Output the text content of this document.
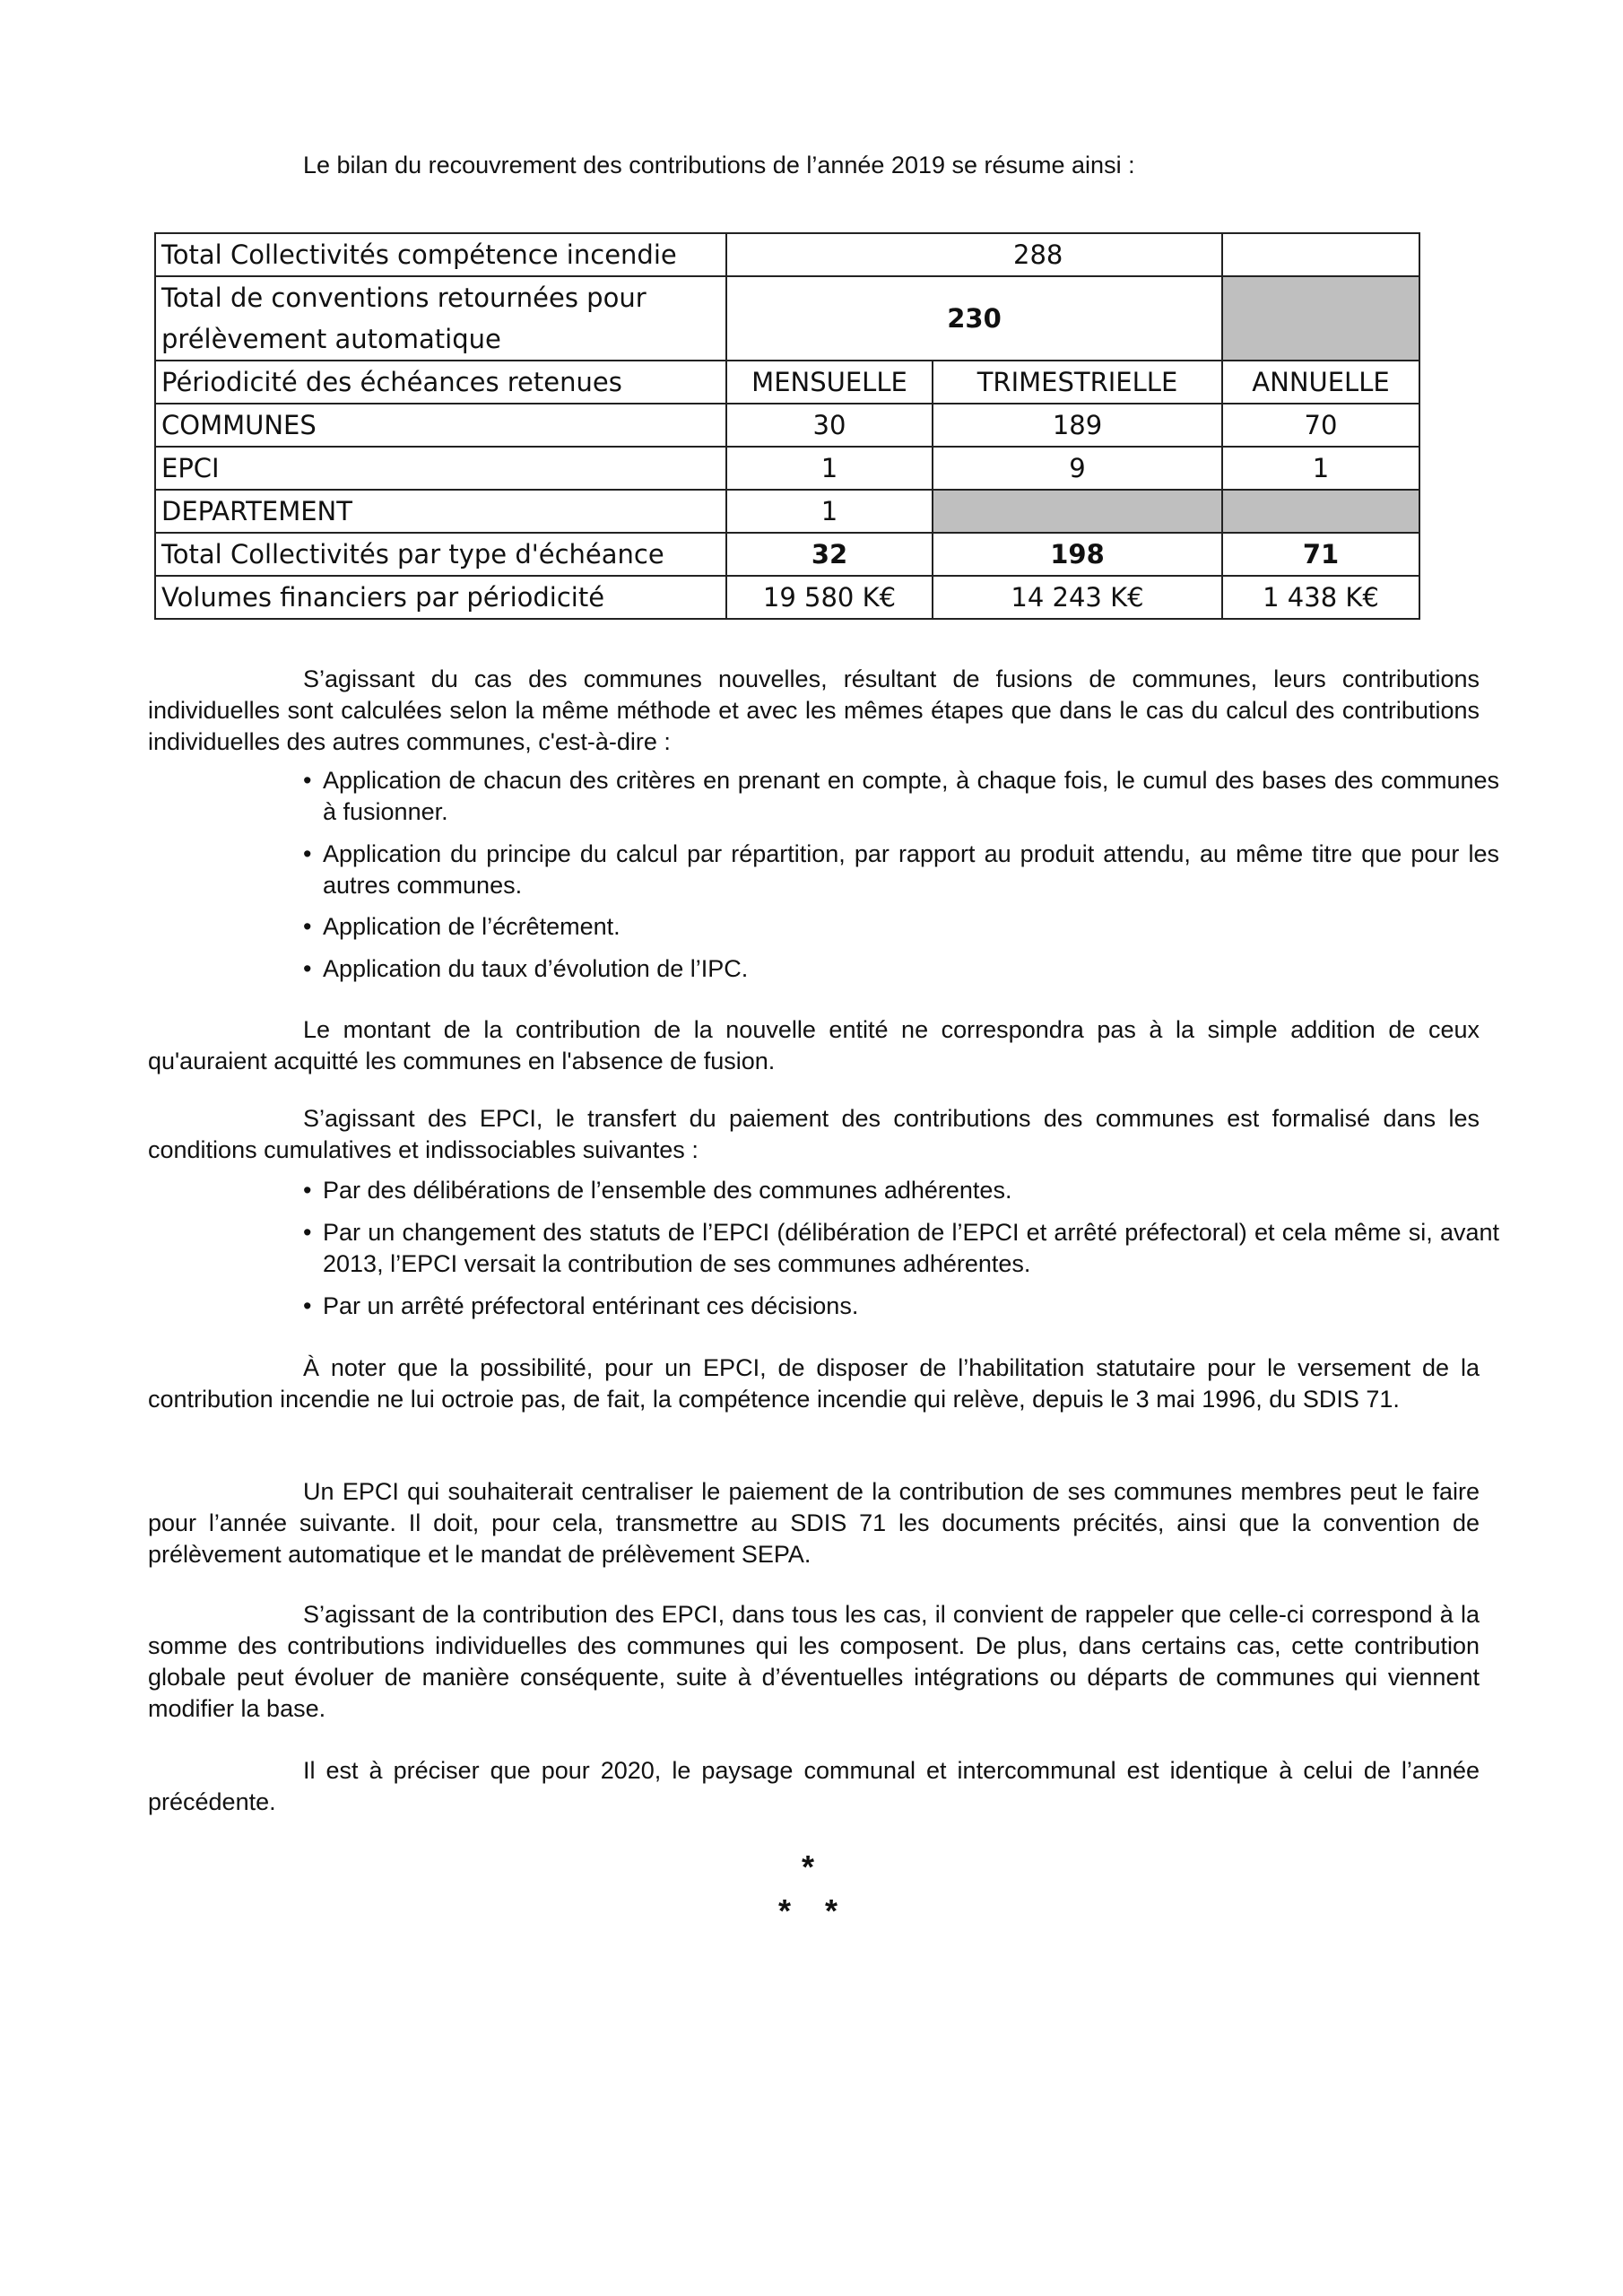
Le bilan du recouvrement des contributions de l’année 2019 se résume ainsi :

Total Collectivités compétence incendie		288	
Total de conventions retournées pour prélèvement automatique	230		
Périodicité des échéances retenues	MENSUELLE	TRIMESTRIELLE	ANNUELLE
COMMUNES	30	189	70
EPCI	1	9	1
DEPARTEMENT	1		
Total Collectivités par type d'échéance	32	198	71
Volumes financiers par périodicité	19 580 K€	14 243 K€	1 438 K€

S’agissant du cas des communes nouvelles, résultant de fusions de communes, leurs contributions individuelles sont calculées selon la même méthode et avec les mêmes étapes que dans le cas du calcul des contributions individuelles des autres communes, c'est-à-dire :

• Application de chacun des critères en prenant en compte, à chaque fois, le cumul des bases des communes à fusionner.

• Application du principe du calcul par répartition, par rapport au produit attendu, au même titre que pour les autres communes.

• Application de l’écrêtement.

• Application du taux d’évolution de l’IPC.

Le montant de la contribution de la nouvelle entité ne correspondra pas à la simple addition de ceux qu'auraient acquitté les communes en l'absence de fusion.

S’agissant des EPCI, le transfert du paiement des contributions des communes est formalisé dans les conditions cumulatives et indissociables suivantes :

• Par des délibérations de l’ensemble des communes adhérentes.

• Par un changement des statuts de l’EPCI (délibération de l’EPCI et arrêté préfectoral) et cela même si, avant 2013, l’EPCI versait la contribution de ses communes adhérentes.

• Par un arrêté préfectoral entérinant ces décisions.

À noter que la possibilité, pour un EPCI, de disposer de l’habilitation statutaire pour le versement de la contribution incendie ne lui octroie pas, de fait, la compétence incendie qui relève, depuis le 3 mai 1996, du SDIS 71.

Un EPCI qui souhaiterait centraliser le paiement de la contribution de ses communes membres peut le faire pour l’année suivante. Il doit, pour cela, transmettre au SDIS 71 les documents précités, ainsi que la convention de prélèvement automatique et le mandat de prélèvement SEPA.

S’agissant de la contribution des EPCI, dans tous les cas, il convient de rappeler que celle-ci correspond à la somme des contributions individuelles des communes qui les composent. De plus, dans certains cas, cette contribution globale peut évoluer de manière conséquente, suite à d’éventuelles intégrations ou départs de communes qui viennent modifier la base.

Il est à préciser que pour 2020, le paysage communal et intercommunal est identique à celui de l’année précédente.

*
* *
